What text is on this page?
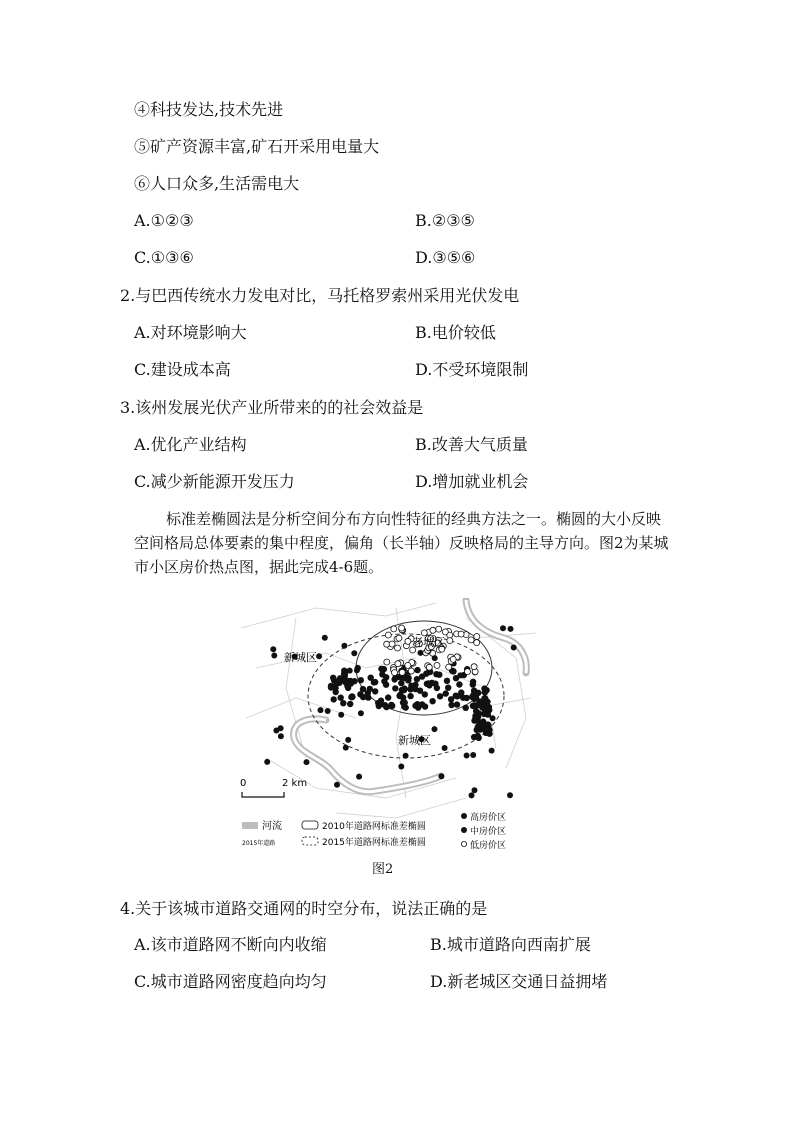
④科技发达,技术先进
⑤矿产资源丰富,矿石开采用电量大
⑥人口众多,生活需电大
A.①②③	B.②③⑤
C.①③⑥	D.③⑤⑥
2.与巴西传统水力发电对比，马托格罗索州采用光伏发电
A.对环境影响大	B.电价较低
C.建设成本高	D.不受环境限制
3.该州发展光伏产业所带来的的社会效益是
A.优化产业结构	B.改善大气质量
C.减少新能源开发压力	D.增加就业机会
标准差椭圆法是分析空间分布方向性特征的经典方法之一。椭圆的大小反映空间格局总体要素的集中程度，偏角（长半轴）反映格局的主导方向。图2为某城市小区房价热点图，据此完成4-6题。
老城区
新城区
新城区
0	2 km
河流	2010年道路网标准差椭圆
2015年道路	2015年道路网标准差椭圆
高房价区
中房价区
低房价区
图2
4.关于该城市道路交通网的时空分布，说法正确的是
A.该市道路网不断向内收缩	B.城市道路向西南扩展
C.城市道路网密度趋向均匀	D.新老城区交通日益拥堵
